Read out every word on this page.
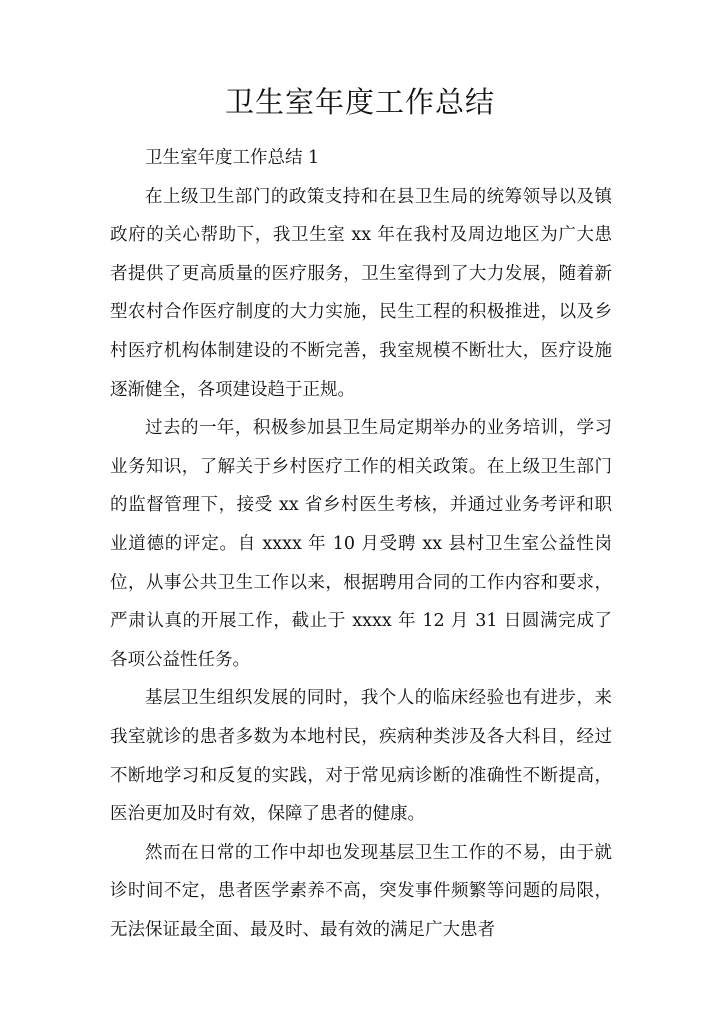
卫生室年度工作总结

卫生室年度工作总结 1

在上级卫生部门的政策支持和在县卫生局的统筹领导以及镇政府的关心帮助下，我卫生室 xx 年在我村及周边地区为广大患者提供了更高质量的医疗服务，卫生室得到了大力发展，随着新型农村合作医疗制度的大力实施，民生工程的积极推进，以及乡村医疗机构体制建设的不断完善，我室规模不断壮大，医疗设施逐渐健全，各项建设趋于正规。

过去的一年，积极参加县卫生局定期举办的业务培训，学习业务知识，了解关于乡村医疗工作的相关政策。在上级卫生部门的监督管理下，接受 xx 省乡村医生考核，并通过业务考评和职业道德的评定。自 xxxx 年 10 月受聘 xx 县村卫生室公益性岗位，从事公共卫生工作以来，根据聘用合同的工作内容和要求，严肃认真的开展工作，截止于 xxxx 年 12 月 31 日圆满完成了各项公益性任务。

基层卫生组织发展的同时，我个人的临床经验也有进步，来我室就诊的患者多数为本地村民，疾病种类涉及各大科目，经过不断地学习和反复的实践，对于常见病诊断的准确性不断提高，医治更加及时有效，保障了患者的健康。

然而在日常的工作中却也发现基层卫生工作的不易，由于就诊时间不定，患者医学素养不高，突发事件频繁等问题的局限，无法保证最全面、最及时、最有效的满足广大患者
